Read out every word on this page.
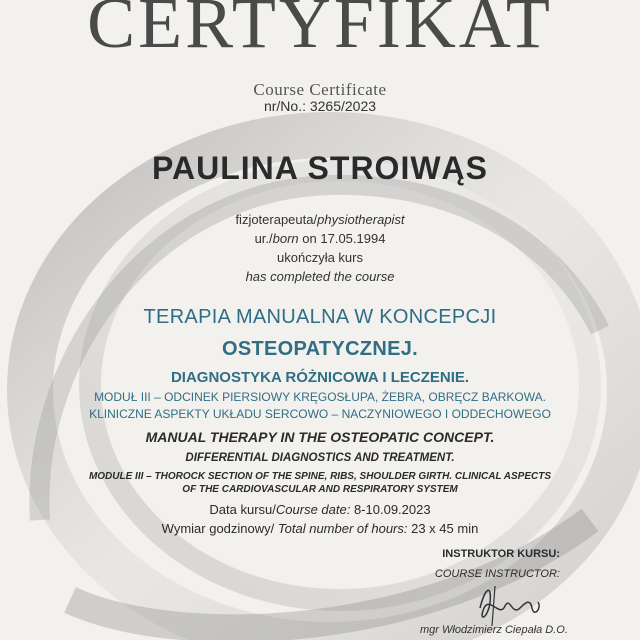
CERTYFIKAT
Course Certificate
nr/No.: 3265/2023
PAULINA STROIWĄS
fizjoterapeuta/physiotherapist
ur./born on 17.05.1994
ukończyła kurs
has completed the course
TERAPIA MANUALNA W KONCEPCJI
OSTEOPATYCZNEJ.
DIAGNOSTYKA RÓŻNICOWA I LECZENIE.
MODUŁ III – ODCINEK PIERSIOWY KRĘGOSŁUPA, ŻEBRA, OBRĘCZ BARKOWA.
KLINICZNE ASPEKTY UKŁADU SERCOWO – NACZYNIOWEGO I ODDECHOWEGO
MANUAL THERAPY IN THE OSTEOPATIC CONCEPT.
DIFFERENTIAL DIAGNOSTICS AND TREATMENT.
MODULE III – THOROCK SECTION OF THE SPINE, RIBS, SHOULDER GIRTH. CLINICAL ASPECTS
OF THE CARDIOVASCULAR AND RESPIRATORY SYSTEM
Data kursu/Course date: 8-10.09.2023
Wymiar godzinowy/ Total number of hours: 23 x 45 min
INSTRUKTOR KURSU:
COURSE INSTRUCTOR:
mgr Włodzimierz Ciepała D.O.
